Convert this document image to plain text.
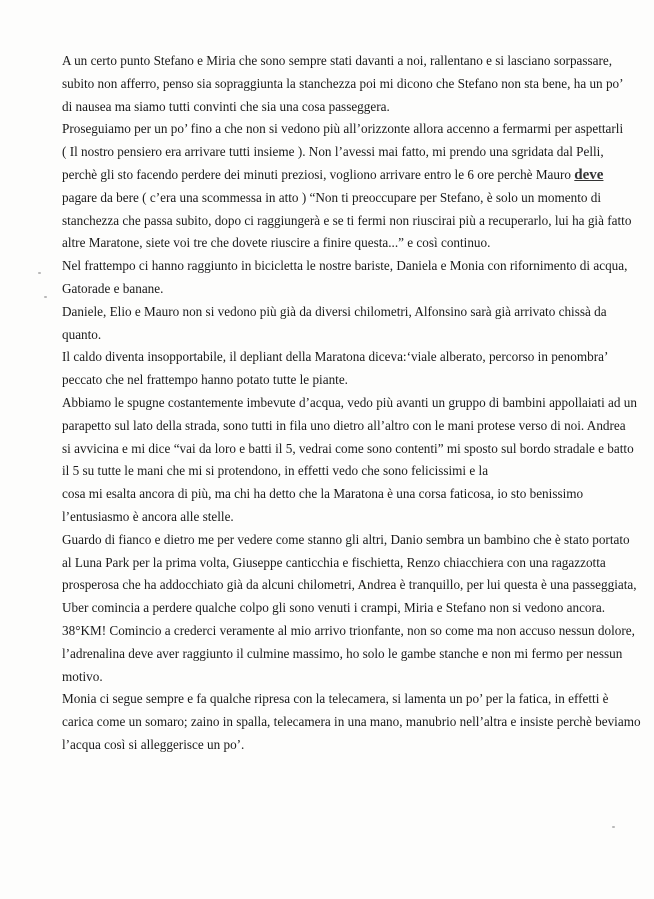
A un certo punto Stefano e Miria che sono sempre stati davanti a noi, rallentano e si lasciano sorpassare,
subito non afferro, penso sia sopraggiunta la stanchezza poi mi dicono che Stefano non sta bene, ha un po’
di nausea ma siamo tutti convinti che sia una cosa passeggera.
Proseguiamo per un po’ fino a che non si vedono più all’orizzonte allora accenno a fermarmi per aspettarli
( Il nostro pensiero era arrivare tutti insieme ). Non l’avessi mai fatto, mi prendo una sgridata dal Pelli,
perchè gli sto facendo perdere dei minuti preziosi, vogliono arrivare entro le 6 ore perchè Mauro deve
pagare da bere ( c’era una scommessa in atto ) “Non ti preoccupare per Stefano, è solo un momento di
stanchezza che passa subito, dopo ci raggiungerà e se ti fermi non riuscirai più a recuperarlo, lui ha già fatto
altre Maratone, siete voi tre che dovete riuscire a finire questa...” e così continuo.
Nel frattempo ci hanno raggiunto in bicicletta le nostre bariste, Daniela e Monia con rifornimento di acqua,
Gatorade e banane.
Daniele, Elio e Mauro non si vedono più già da diversi chilometri, Alfonsino sarà già arrivato chissà da
quanto.
Il caldo diventa insopportabile, il depliant della Maratona diceva:‘viale alberato, percorso in penombra’
peccato che nel frattempo hanno potato tutte le piante.
Abbiamo le spugne costantemente imbevute d’acqua, vedo più avanti un gruppo di bambini appollaiati ad un
parapetto sul lato della strada, sono tutti in fila uno dietro all’altro con le mani protese verso di noi. Andrea
si avvicina e mi dice “vai da loro e batti il 5, vedrai come sono contenti” mi sposto sul bordo stradale e batto
il 5 su tutte le mani che mi si protendono, in effetti vedo che sono felicissimi e la
cosa mi esalta ancora di più, ma chi ha detto che la Maratona è una corsa faticosa, io sto benissimo
l’entusiasmo è ancora alle stelle.
Guardo di fianco e dietro me per vedere come stanno gli altri, Danio sembra un bambino che è stato portato
al Luna Park per la prima volta, Giuseppe canticchia e fischietta, Renzo chiacchiera con una ragazzotta
prosperosa che ha addocchiato già da alcuni chilometri, Andrea è tranquillo, per lui questa è una passeggiata,
Uber comincia a perdere qualche colpo gli sono venuti i crampi, Miria e Stefano non si vedono ancora.
38°KM! Comincio a crederci veramente al mio arrivo trionfante, non so come ma non accuso nessun dolore,
l’adrenalina deve aver raggiunto il culmine massimo, ho solo le gambe stanche e non mi fermo per nessun
motivo.
Monia ci segue sempre e fa qualche ripresa con la telecamera, si lamenta un po’ per la fatica, in effetti è
carica come un somaro; zaino in spalla, telecamera in una mano, manubrio nell’altra e insiste perchè beviamo
l’acqua così si alleggerisce un po’.
